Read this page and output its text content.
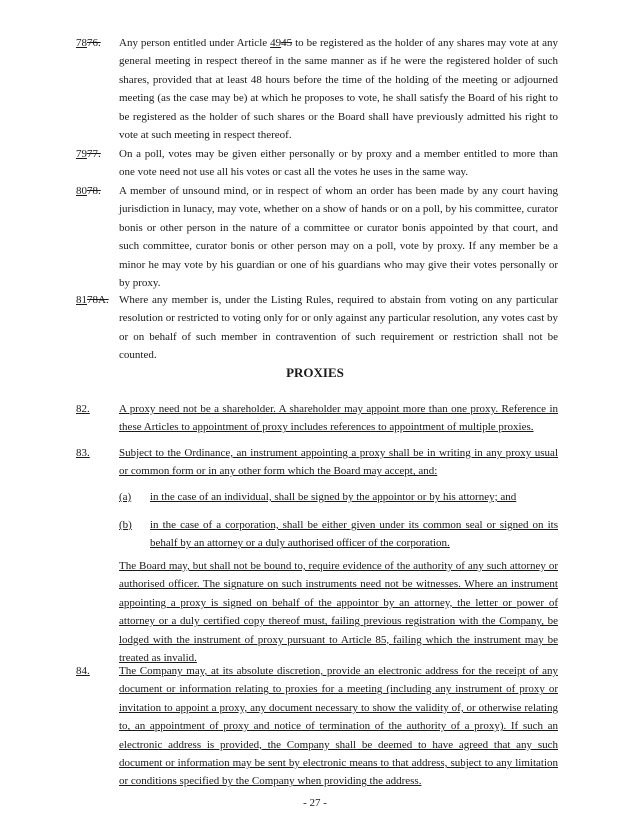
7876. Any person entitled under Article 4945 to be registered as the holder of any shares may vote at any general meeting in respect thereof in the same manner as if he were the registered holder of such shares, provided that at least 48 hours before the time of the holding of the meeting or adjourned meeting (as the case may be) at which he proposes to vote, he shall satisfy the Board of his right to be registered as the holder of such shares or the Board shall have previously admitted his right to vote at such meeting in respect thereof.
7977. On a poll, votes may be given either personally or by proxy and a member entitled to more than one vote need not use all his votes or cast all the votes he uses in the same way.
8078. A member of unsound mind, or in respect of whom an order has been made by any court having jurisdiction in lunacy, may vote, whether on a show of hands or on a poll, by his committee, curator bonis or other person in the nature of a committee or curator bonis appointed by that court, and such committee, curator bonis or other person may on a poll, vote by proxy. If any member be a minor he may vote by his guardian or one of his guardians who may give their votes personally or by proxy.
8178A. Where any member is, under the Listing Rules, required to abstain from voting on any particular resolution or restricted to voting only for or only against any particular resolution, any votes cast by or on behalf of such member in contravention of such requirement or restriction shall not be counted.
PROXIES
82.	A proxy need not be a shareholder. A shareholder may appoint more than one proxy. Reference in these Articles to appointment of proxy includes references to appointment of multiple proxies.
83.	Subject to the Ordinance, an instrument appointing a proxy shall be in writing in any proxy usual or common form or in any other form which the Board may accept, and:
(a) in the case of an individual, shall be signed by the appointor or by his attorney; and
(b) in the case of a corporation, shall be either given under its common seal or signed on its behalf by an attorney or a duly authorised officer of the corporation.
The Board may, but shall not be bound to, require evidence of the authority of any such attorney or authorised officer. The signature on such instruments need not be witnesses. Where an instrument appointing a proxy is signed on behalf of the appointor by an attorney, the letter or power of attorney or a duly certified copy thereof must, failing previous registration with the Company, be lodged with the instrument of proxy pursuant to Article 85, failing which the instrument may be treated as invalid.
84.	The Company may, at its absolute discretion, provide an electronic address for the receipt of any document or information relating to proxies for a meeting (including any instrument of proxy or invitation to appoint a proxy, any document necessary to show the validity of, or otherwise relating to, an appointment of proxy and notice of termination of the authority of a proxy). If such an electronic address is provided, the Company shall be deemed to have agreed that any such document or information may be sent by electronic means to that address, subject to any limitation or conditions specified by the Company when providing the address.
- 27 -
